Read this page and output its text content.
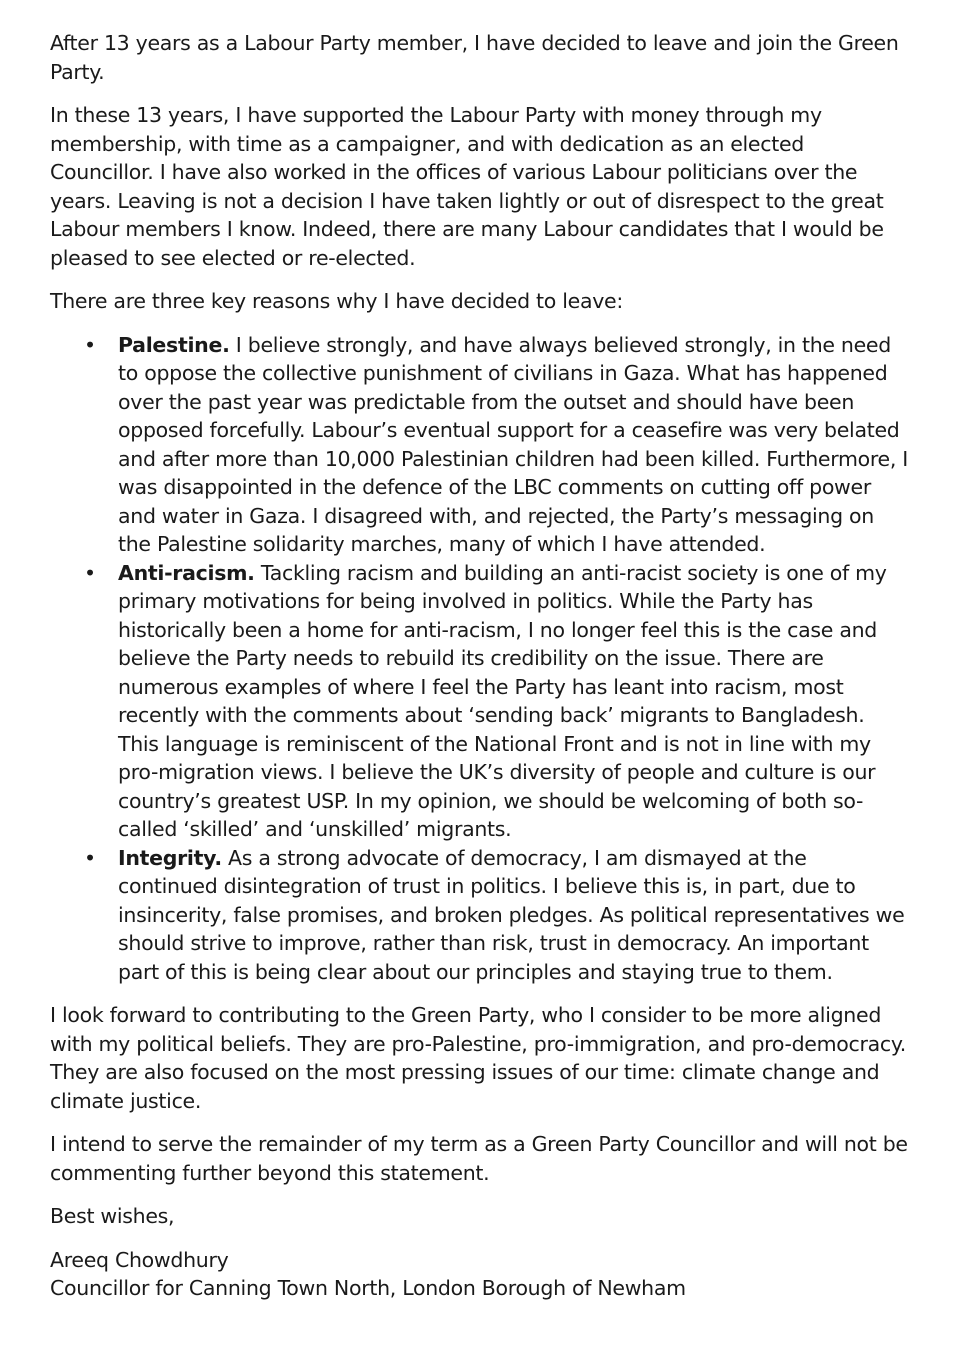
After 13 years as a Labour Party member, I have decided to leave and join the Green Party.

In these 13 years, I have supported the Labour Party with money through my membership, with time as a campaigner, and with dedication as an elected Councillor. I have also worked in the offices of various Labour politicians over the years. Leaving is not a decision I have taken lightly or out of disrespect to the great Labour members I know. Indeed, there are many Labour candidates that I would be pleased to see elected or re-elected.

There are three key reasons why I have decided to leave:

• Palestine. I believe strongly, and have always believed strongly, in the need to oppose the collective punishment of civilians in Gaza. What has happened over the past year was predictable from the outset and should have been opposed forcefully. Labour’s eventual support for a ceasefire was very belated and after more than 10,000 Palestinian children had been killed. Furthermore, I was disappointed in the defence of the LBC comments on cutting off power and water in Gaza. I disagreed with, and rejected, the Party’s messaging on the Palestine solidarity marches, many of which I have attended.
• Anti-racism. Tackling racism and building an anti-racist society is one of my primary motivations for being involved in politics. While the Party has historically been a home for anti-racism, I no longer feel this is the case and believe the Party needs to rebuild its credibility on the issue. There are numerous examples of where I feel the Party has leant into racism, most recently with the comments about ‘sending back’ migrants to Bangladesh. This language is reminiscent of the National Front and is not in line with my pro-migration views. I believe the UK’s diversity of people and culture is our country’s greatest USP. In my opinion, we should be welcoming of both so-called ‘skilled’ and ‘unskilled’ migrants.
• Integrity. As a strong advocate of democracy, I am dismayed at the continued disintegration of trust in politics. I believe this is, in part, due to insincerity, false promises, and broken pledges. As political representatives we should strive to improve, rather than risk, trust in democracy. An important part of this is being clear about our principles and staying true to them.

I look forward to contributing to the Green Party, who I consider to be more aligned with my political beliefs. They are pro-Palestine, pro-immigration, and pro-democracy. They are also focused on the most pressing issues of our time: climate change and climate justice.

I intend to serve the remainder of my term as a Green Party Councillor and will not be commenting further beyond this statement.

Best wishes,

Areeq Chowdhury

Councillor for Canning Town North, London Borough of Newham
